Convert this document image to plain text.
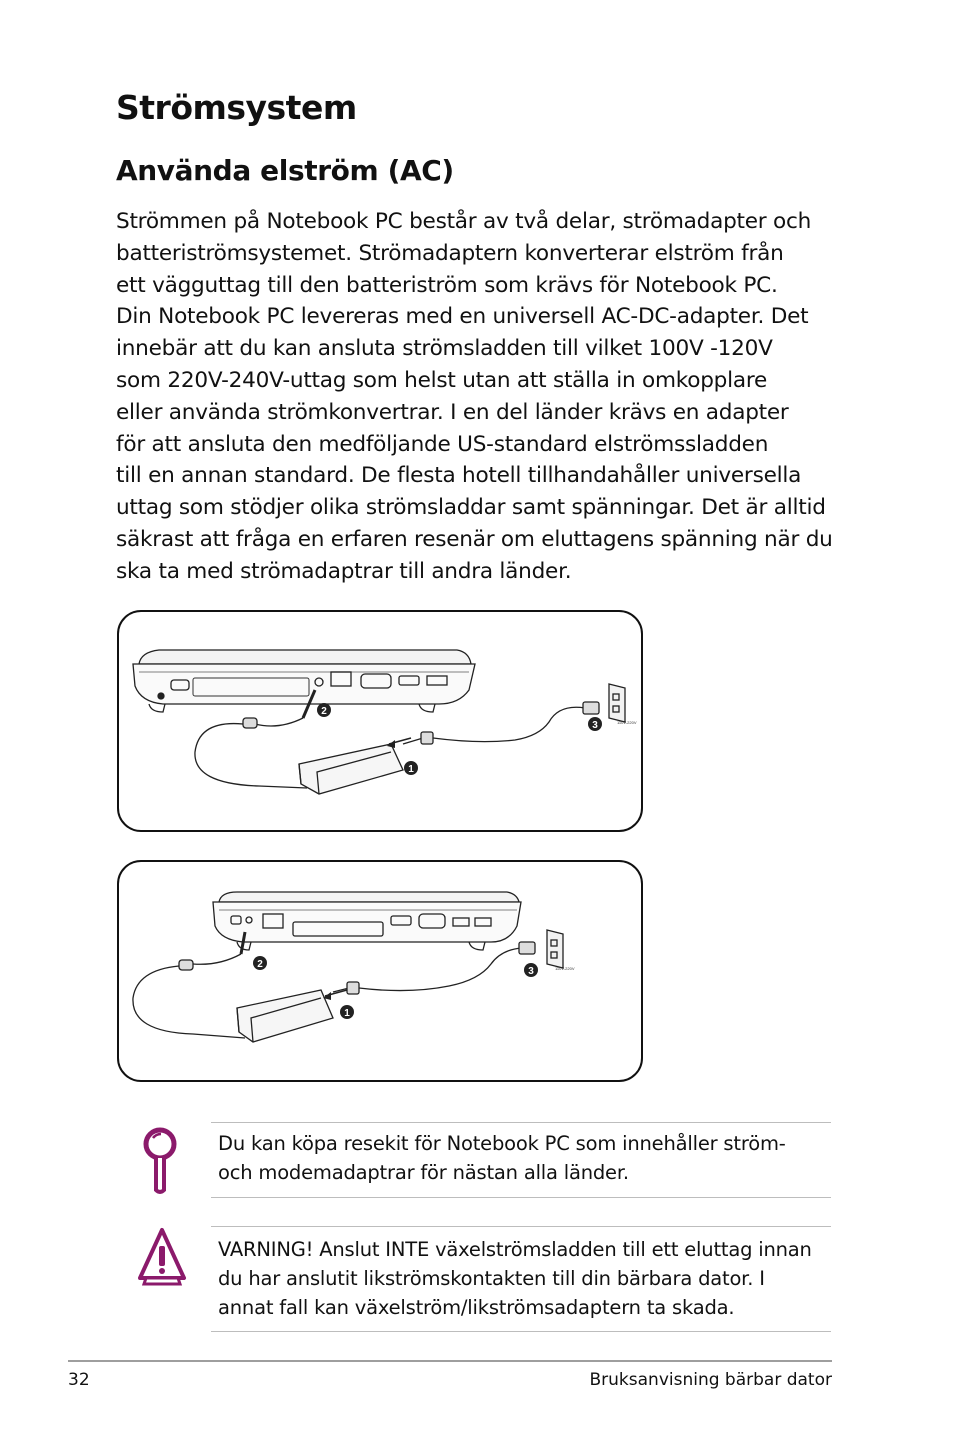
Strömsystem
Använda elström (AC)
Strömmen på Notebook PC består av två delar, strömadapter och
batteriströmsystemet. Strömadaptern konverterar elström från
ett vägguttag till den batteriström som krävs för Notebook PC.
Din Notebook PC levereras med en universell AC-DC-adapter. Det
innebär att du kan ansluta strömsladden till vilket 100V -120V
som 220V-240V-uttag som helst utan att ställa in omkopplare
eller använda strömkonvertrar. I en del länder krävs en adapter
för att ansluta den medföljande US-standard elströmssladden
till en annan standard. De flesta hotell tillhandahåller universella
uttag som stödjer olika strömsladdar samt spänningar. Det är alltid
säkrast att fråga en erfaren resenär om eluttagens spänning när du
ska ta med strömadaptrar till andra länder.
2
1
3	110V-220V
2
1
3	110V-220V
Du kan köpa resekit för Notebook PC som innehåller ström-
och modemadaptrar för nästan alla länder.
VARNING! Anslut INTE växelströmsladden till ett eluttag innan
du har anslutit likströmskontakten till din bärbara dator. I
annat fall kan växelström/likströmsadaptern ta skada.
32	Bruksanvisning bärbar dator
